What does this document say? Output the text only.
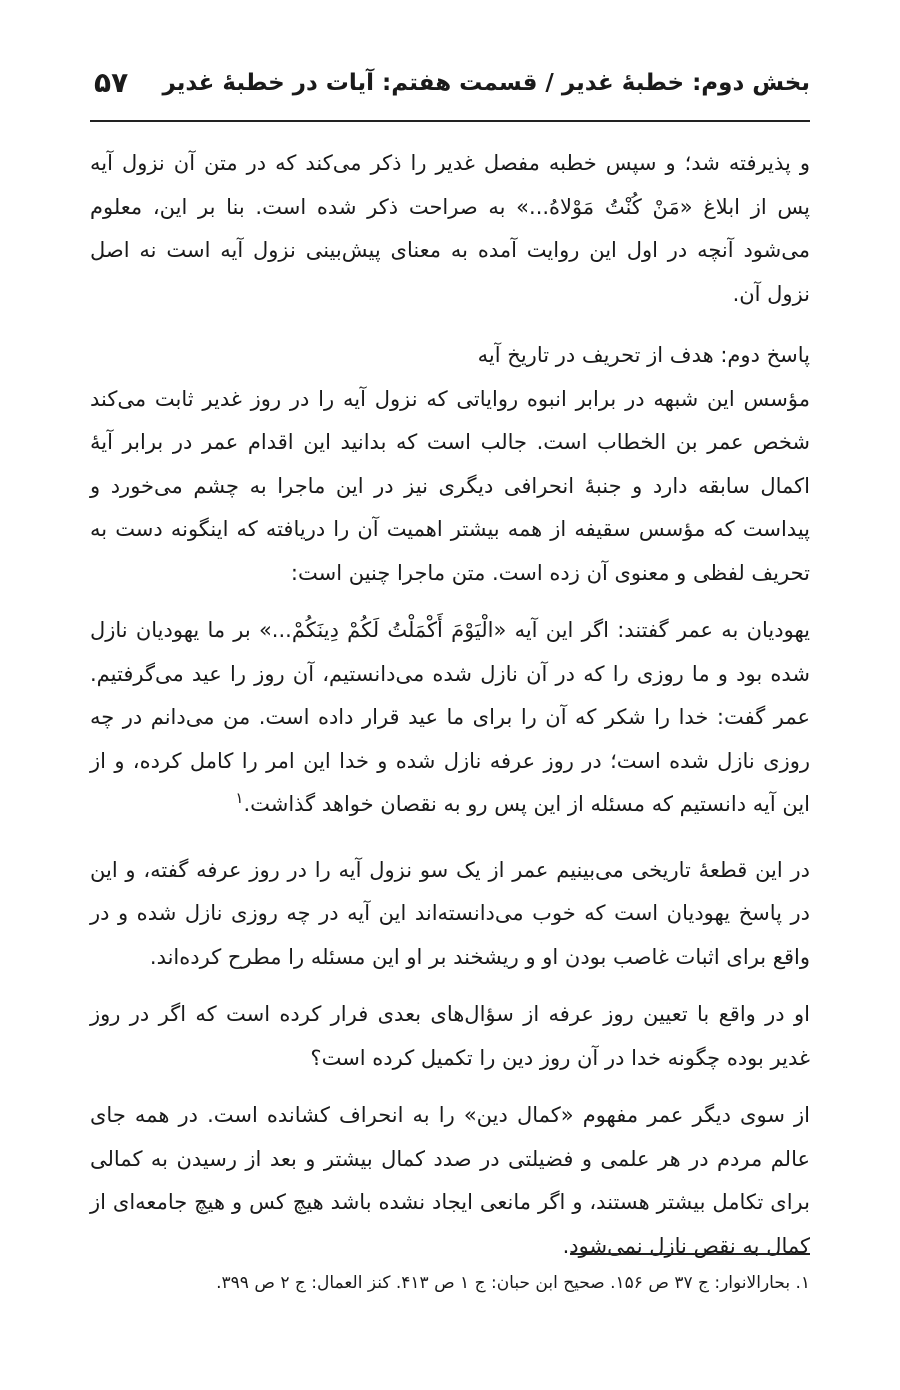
بخش دوم: خطبهٔ غدیر / قسمت هفتم: آیات در خطبهٔ غدیر
۵۷

و پذیرفته شد؛ و سپس خطبه مفصل غدیر را ذکر می‌کند که در متن آن نزول آیه پس از ابلاغ «مَنْ كُنْتُ مَوْلاهُ...» به صراحت ذکر شده است. بنا بر این، معلوم می‌شود آنچه در اول این روایت آمده به معنای پیش‌بینی نزول آیه است نه اصل نزول آن.

پاسخ دوم: هدف از تحریف در تاریخ آیه

مؤسس این شبهه در برابر انبوه روایاتی که نزول آیه را در روز غدیر ثابت می‌کند شخص عمر بن الخطاب است. جالب است که بدانید این اقدام عمر در برابر آیهٔ اکمال سابقه دارد و جنبهٔ انحرافی دیگری نیز در این ماجرا به چشم می‌خورد و پیداست که مؤسس سقیفه از همه بیشتر اهمیت آن را دریافته که اینگونه دست به تحریف لفظی و معنوی آن زده است. متن ماجرا چنین است:

یهودیان به عمر گفتند: اگر این آیه «الْيَوْمَ أَكْمَلْتُ لَكُمْ دِينَكُمْ...» بر ما یهودیان نازل شده بود و ما روزی را که در آن نازل شده می‌دانستیم، آن روز را عید می‌گرفتیم. عمر گفت: خدا را شکر که آن را برای ما عید قرار داده است. من می‌دانم در چه روزی نازل شده است؛ در روز عرفه نازل شده و خدا این امر را کامل کرده، و از این آیه دانستیم که مسئله از این پس رو به نقصان خواهد گذاشت.$^۱$

در این قطعهٔ تاریخی می‌بینیم عمر از یک سو نزول آیه را در روز عرفه گفته، و این در پاسخ یهودیان است که خوب می‌دانسته‌اند این آیه در چه روزی نازل شده و در واقع برای اثبات غاصب بودن او و ریشخند بر او این مسئله را مطرح کرده‌اند.

او در واقع با تعیین روز عرفه از سؤال‌های بعدی فرار کرده است که اگر در روز غدیر بوده چگونه خدا در آن روز دین را تکمیل کرده است؟

از سوی دیگر عمر مفهوم «کمال دین» را به انحراف کشانده است. در همه جای عالم مردم در هر علمی و فضیلتی در صدد کمال بیشتر و بعد از رسیدن به کمالی برای تکامل بیشتر هستند، و اگر مانعی ایجاد نشده باشد هیچ کس و هیچ جامعه‌ای از کمال به نقص نازل نمی‌شود.

۱. بحارالانوار: ج ۳۷ ص ۱۵۶. صحیح ابن حبان: ج ۱ ص ۴۱۳. کنز العمال: ج ۲ ص ۳۹۹.
